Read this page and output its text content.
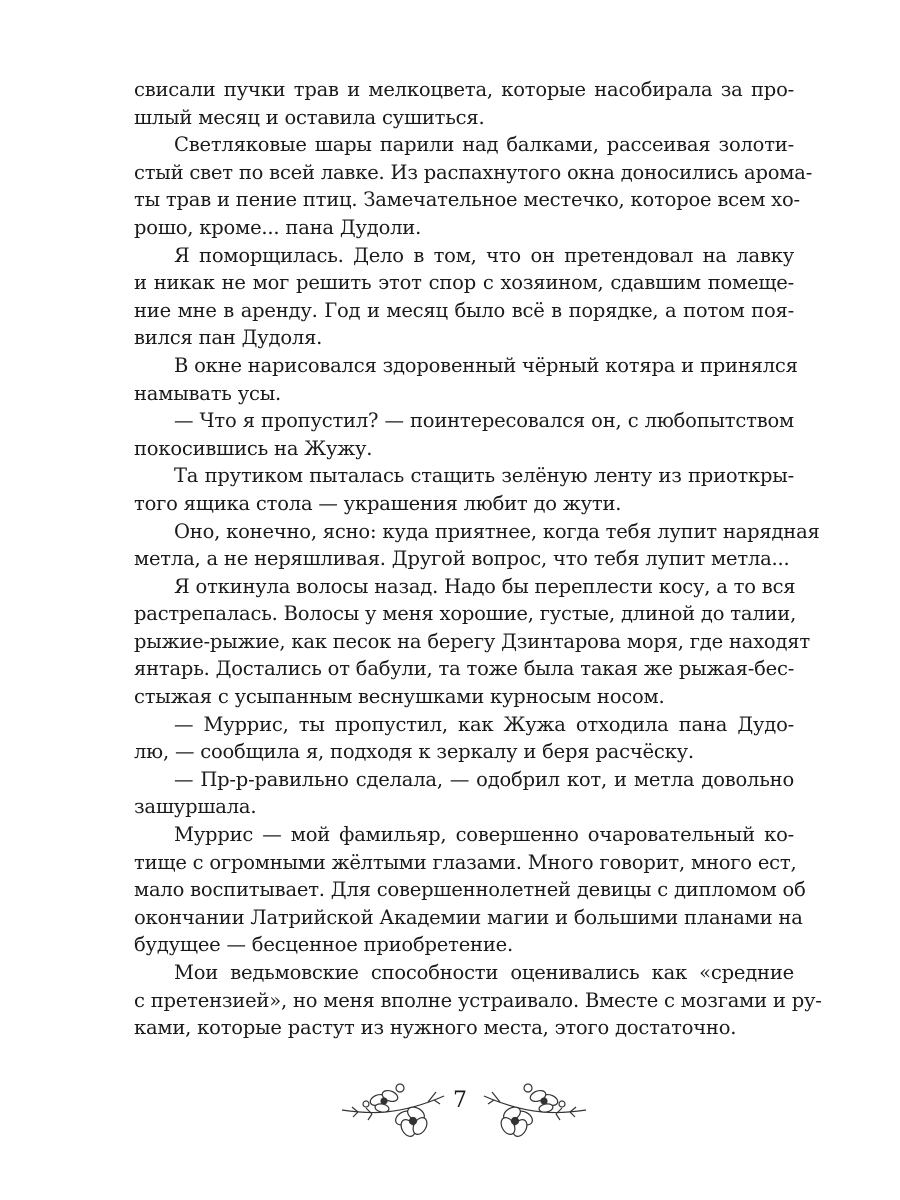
свисали пучки трав и мелкоцвета, которые насобирала за про-
шлый месяц и оставила сушиться.
Светляковые шары парили над балками, рассеивая золоти-
стый свет по всей лавке. Из распахнутого окна доносились арома-
ты трав и пение птиц. Замечательное местечко, которое всем хо-
рошо, кроме... пана Дудоли.
Я поморщилась. Дело в том, что он претендовал на лавку
и никак не мог решить этот спор с хозяином, сдавшим помеще-
ние мне в аренду. Год и месяц было всё в порядке, а потом поя-
вился пан Дудоля.
В окне нарисовался здоровенный чёрный котяра и принялся
намывать усы.
— Что я пропустил? — поинтересовался он, с любопытством
покосившись на Жужу.
Та прутиком пыталась стащить зелёную ленту из приоткры-
того ящика стола — украшения любит до жути.
Оно, конечно, ясно: куда приятнее, когда тебя лупит нарядная
метла, а не неряшливая. Другой вопрос, что тебя лупит метла...
Я откинула волосы назад. Надо бы переплести косу, а то вся
растрепалась. Волосы у меня хорошие, густые, длиной до талии,
рыжие-рыжие, как песок на берегу Дзинтарова моря, где находят
янтарь. Достались от бабули, та тоже была такая же рыжая-бес-
стыжая с усыпанным веснушками курносым носом.
— Муррис, ты пропустил, как Жужа отходила пана Дудо-
лю, — сообщила я, подходя к зеркалу и беря расчёску.
— Пр-р-равильно сделала, — одобрил кот, и метла довольно
зашуршала.
Муррис — мой фамильяр, совершенно очаровательный ко-
тище с огромными жёлтыми глазами. Много говорит, много ест,
мало воспитывает. Для совершеннолетней девицы с дипломом об
окончании Латрийской Академии магии и большими планами на
будущее — бесценное приобретение.
Мои ведьмовские способности оценивались как «средние
с претензией», но меня вполне устраивало. Вместе с мозгами и ру-
ками, которые растут из нужного места, этого достаточно.
7
